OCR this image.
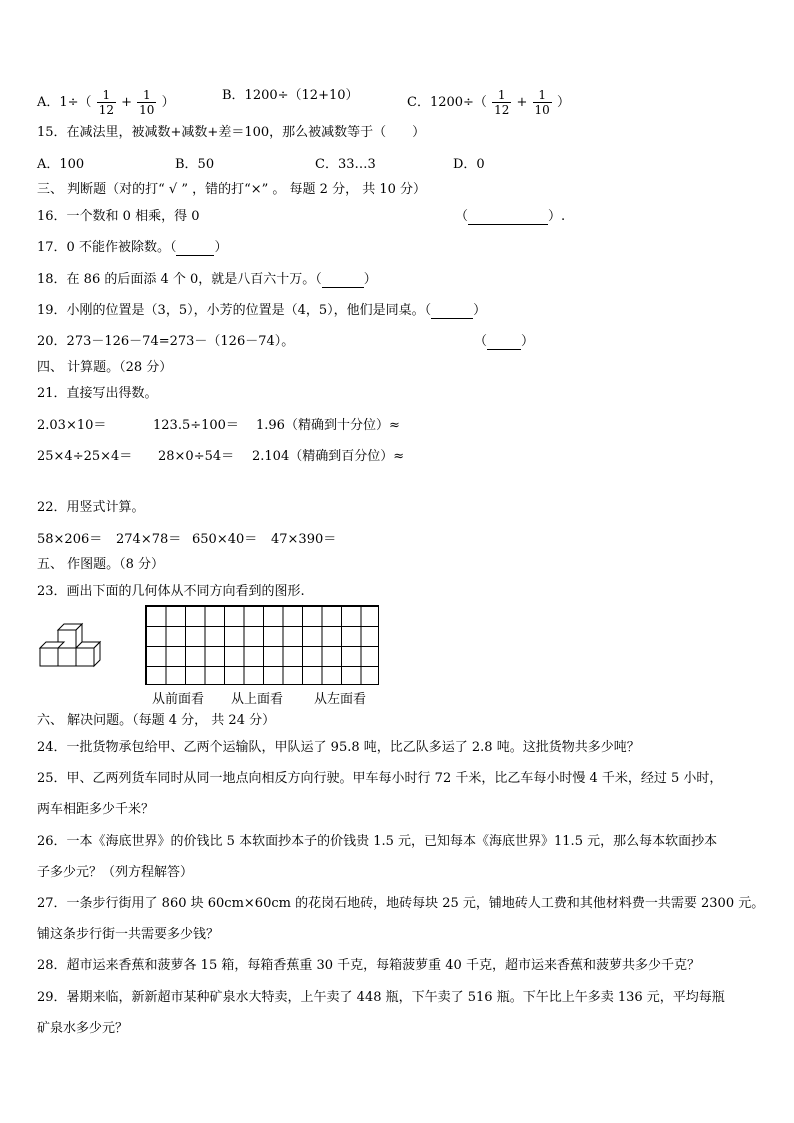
A．$1\div( \frac{1}{12} + \frac{1}{10}$ ）	B．1200÷（12+10）	C．$1200\div( \frac{1}{12} + \frac{1}{10}$ ）
15．在减法里，被减数+减数+差＝100，那么被减数等于（　　）
A．100	B．50	C．33…3	D．0
三、 判断题（对的打“ √ ” ，错的打“×” 。 每题 2 分， 共 10 分）
16．一个数和 0 相乘，得 0	（	）.
17．0 不能作被除数。（	）
18．在 86 的后面添 4 个 0，就是八百六十万。（	）
19．小刚的位置是（3，5），小芳的位置是（4，5），他们是同桌。（	）
20．273－126－74=273－（126－74）。	（	）
四、 计算题。（28 分）
21．直接写出得数。
2.03×10＝	123.5÷100＝ 1.96（精确到十分位）≈
25×4÷25×4＝ 28×0÷54＝ 2.104（精确到百分位）≈
22．用竖式计算。
58×206＝ 274×78＝ 650×40＝ 47×390＝
五、 作图题。（8 分）
23．画出下面的几何体从不同方向看到的图形.
从前面看 从上面看 从左面看
六、 解决问题。（每题 4 分， 共 24 分）
24．一批货物承包给甲、乙两个运输队，甲队运了 95.8 吨，比乙队多运了 2.8 吨。这批货物共多少吨？
25．甲、乙两列货车同时从同一地点向相反方向行驶。甲车每小时行 72 千米，比乙车每小时慢 4 千米，经过 5 小时，
两车相距多少千米？
26．一本《海底世界》的价钱比 5 本软面抄本子的价钱贵 1.5 元，已知每本《海底世界》11.5 元，那么每本软面抄本
子多少元？（列方程解答）
27．一条步行街用了 860 块 60cm×60cm 的花岗石地砖，地砖每块 25 元，铺地砖人工费和其他材料费一共需要 2300 元。
铺这条步行街一共需要多少钱？
28．超市运来香蕉和菠萝各 15 箱，每箱香蕉重 30 千克，每箱菠萝重 40 千克，超市运来香蕉和菠萝共多少千克？
29．暑期来临，新新超市某种矿泉水大特卖，上午卖了 448 瓶，下午卖了 516 瓶。下午比上午多卖 136 元，平均每瓶
矿泉水多少元？
